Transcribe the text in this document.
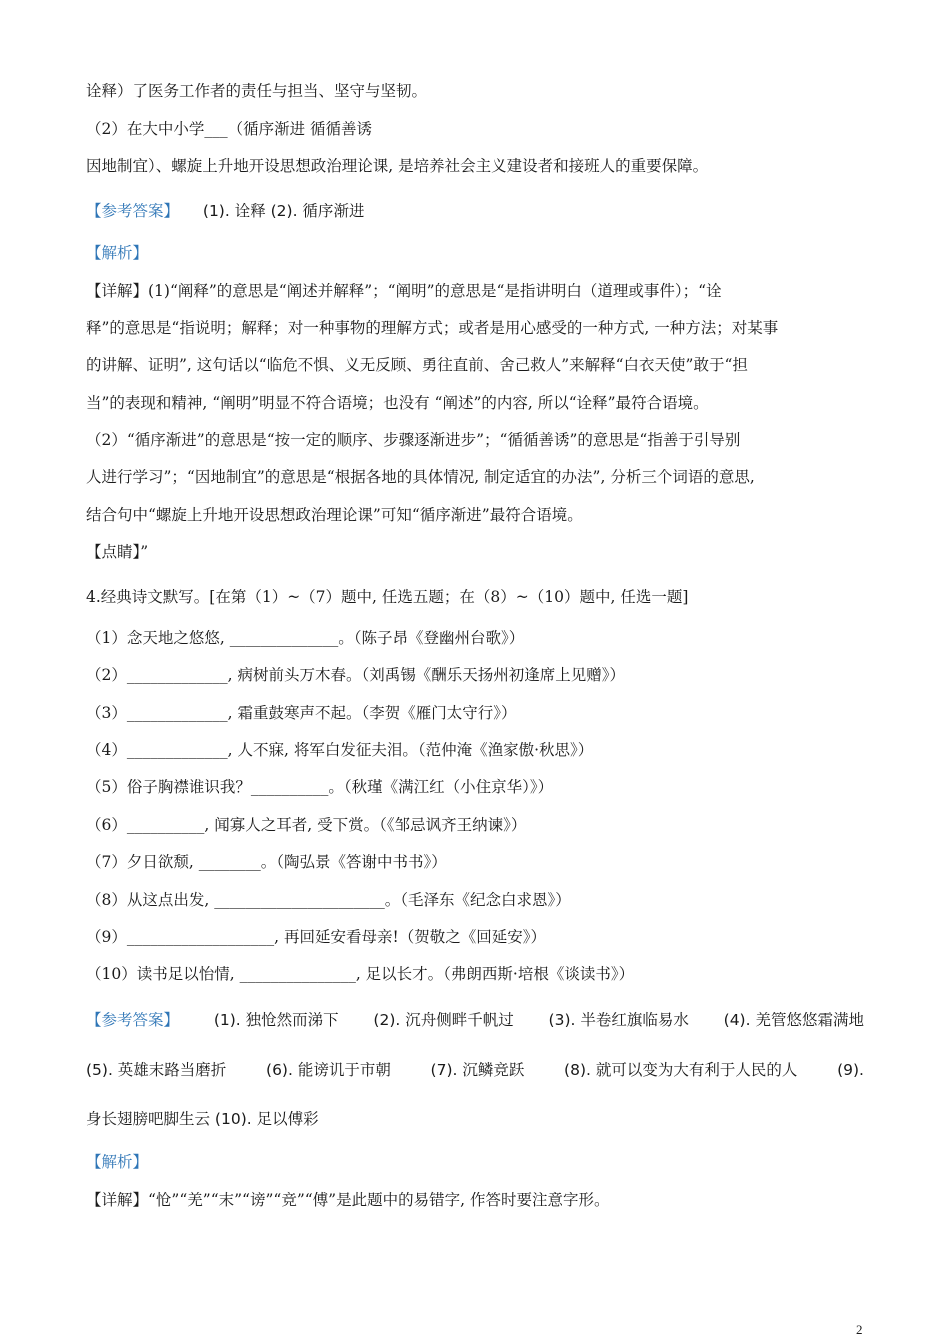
诠释）了医务工作者的责任与担当、坚守与坚韧。
（2）在大中小学___（循序渐进 循循善诱
因地制宜）、螺旋上升地开设思想政治理论课, 是培养社会主义建设者和接班人的重要保障。
【参考答案】 (1). 诠释 (2). 循序渐进
【解析】
【详解】(1)“阐释”的意思是“阐述并解释”；“阐明”的意思是“是指讲明白（道理或事件）；“诠
释”的意思是“指说明；解释；对一种事物的理解方式；或者是用心感受的一种方式, 一种方法；对某事
的讲解、证明”, 这句话以“临危不惧、义无反顾、勇往直前、舍己救人”来解释“白衣天使”敢于“担
当”的表现和精神, “阐明”明显不符合语境；也没有 “阐述”的内容, 所以“诠释”最符合语境。
（2）“循序渐进”的意思是“按一定的顺序、步骤逐渐进步”；“循循善诱”的意思是“指善于引导别
人进行学习”；“因地制宜”的意思是“根据各地的具体情况, 制定适宜的办法”, 分析三个词语的意思,
结合句中“螺旋上升地开设思想政治理论课”可知“循序渐进”最符合语境。
【点睛】”
4.经典诗文默写。[在第（1）~（7）题中, 任选五题；在（8）~（10）题中, 任选一题]
（1）念天地之悠悠, ______________。（陈子昂《登幽州台歌》）
（2）_____________, 病树前头万木春。（刘禹锡《酬乐天扬州初逢席上见赠》）
（3）_____________, 霜重鼓寒声不起。（李贺《雁门太守行》）
（4）_____________, 人不寐, 将军白发征夫泪。（范仲淹《渔家傲·秋思》）
（5）俗子胸襟谁识我？__________。（秋瑾《满江红（小住京华）》）
（6）__________, 闻寡人之耳者, 受下赏。（《邹忌讽齐王纳谏》）
（7）夕日欲颓, ________。（陶弘景《答谢中书书》）
（8）从这点出发, ______________________。（毛泽东《纪念白求恩》）
（9）___________________, 再回延安看母亲!（贺敬之《回延安》）
（10）读书足以怡情, _______________, 足以长才。（弗朗西斯·培根《谈读书》）
【参考答案】 (1). 独怆然而涕下 (2). 沉舟侧畔千帆过 (3). 半卷红旗临易水 (4). 羌管悠悠霜满地
(5). 英雄末路当磨折	(6). 能谤讥于市朝	(7). 沉鳞竞跃	(8). 就可以变为大有利于人民的人	(9).
身长翅膀吧脚生云 (10). 足以傅彩
【解析】
【详解】“怆”“羌”“末”“谤”“竞”“傅”是此题中的易错字, 作答时要注意字形。
2
